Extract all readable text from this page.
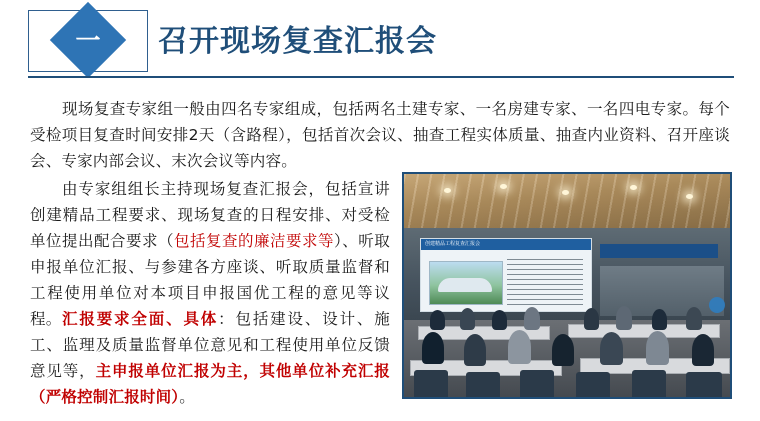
一	召开现场复查汇报会
现场复查专家组一般由四名专家组成，包括两名土建专家、一名房建专家、一名四电专家。每个受检项目复查时间安排2天（含路程），包括首次会议、抽查工程实体质量、抽查内业资料、召开座谈会、专家内部会议、末次会议等内容。
由专家组组长主持现场复查汇报会，包括宣讲创建精品工程要求、现场复查的日程安排、对受检单位提出配合要求（包括复查的廉洁要求等）、听取申报单位汇报、与参建各方座谈、听取质量监督和工程使用单位对本项目申报国优工程的意见等议程。 汇报要求全面、具体：包括建设、设计、施工、监理及质量监督单位意见和工程使用单位反馈意见等，主申报单位汇报为主，其他单位补充汇报（严格控制汇报时间）。
创建精品工程复查汇报会
